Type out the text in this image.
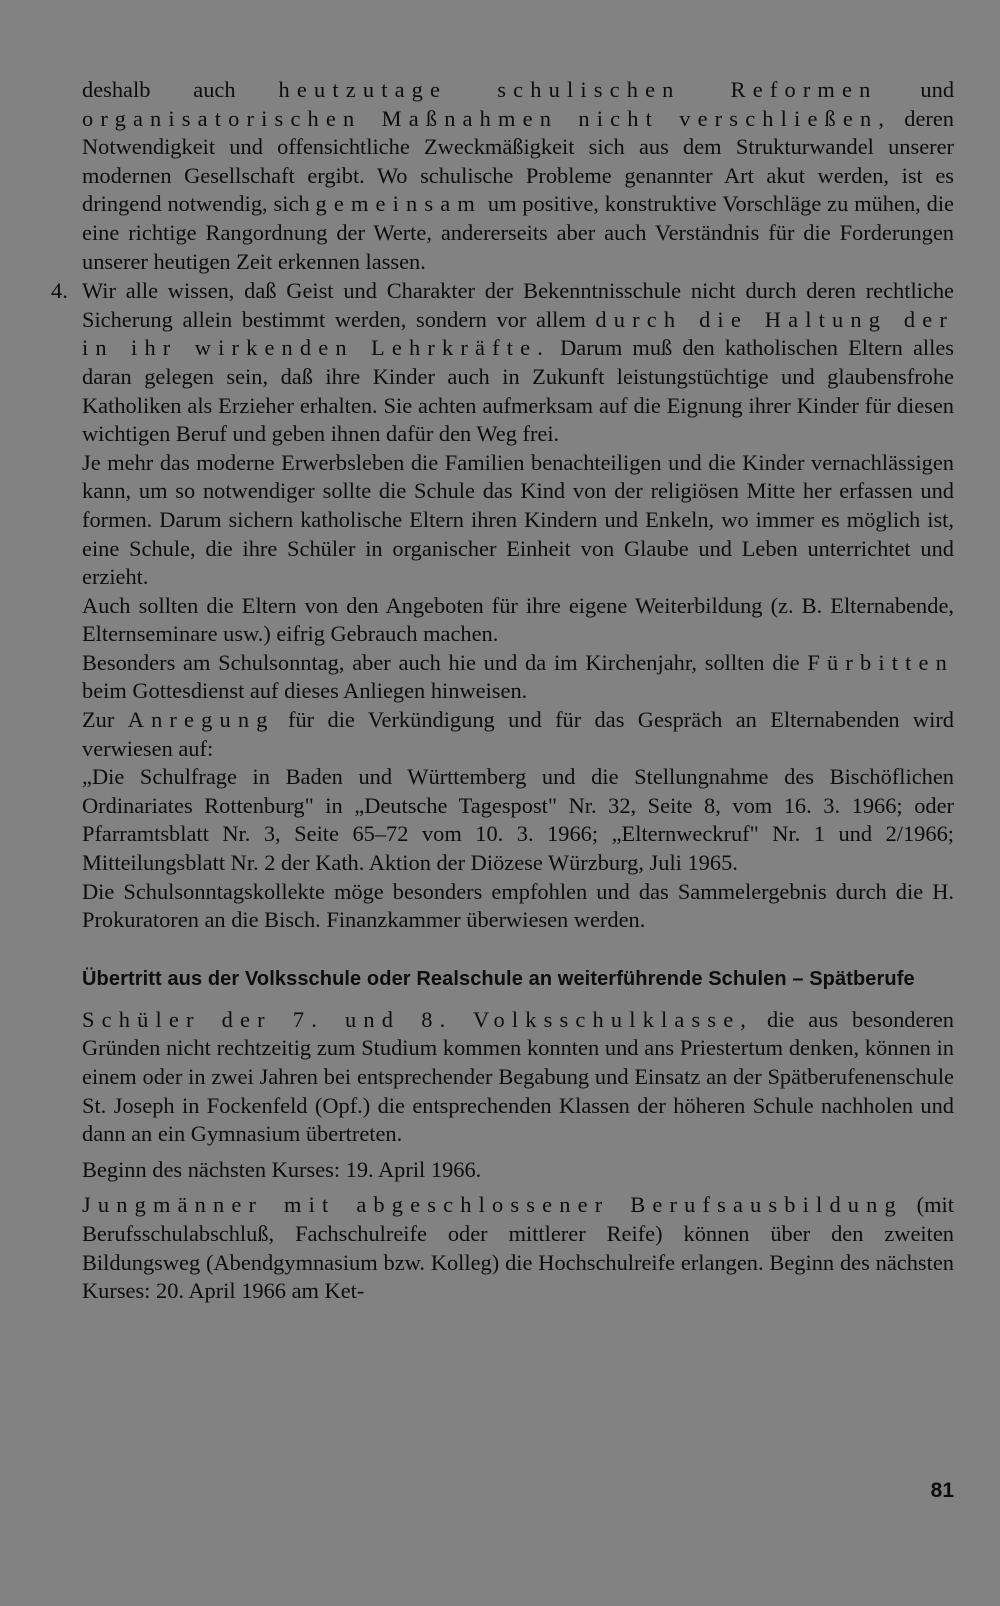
deshalb auch heutzutage schulischen Reformen und organisatorischen Maßnahmen nicht verschließen, deren Notwendigkeit und offensichtliche Zweckmäßigkeit sich aus dem Strukturwandel unserer modernen Gesellschaft ergibt. Wo schulische Probleme genannter Art akut werden, ist es dringend notwendig, sich gemeinsam um positive, konstruktive Vorschläge zu mühen, die eine richtige Rangordnung der Werte, andererseits aber auch Verständnis für die Forderungen unserer heutigen Zeit erkennen lassen.

4. Wir alle wissen, daß Geist und Charakter der Bekenntnisschule nicht durch deren rechtliche Sicherung allein bestimmt werden, sondern vor allem durch die Haltung der in ihr wirkenden Lehrkräfte. Darum muß den katholischen Eltern alles daran gelegen sein, daß ihre Kinder auch in Zukunft leistungstüchtige und glaubensfrohe Katholiken als Erzieher erhalten. Sie achten aufmerksam auf die Eignung ihrer Kinder für diesen wichtigen Beruf und geben ihnen dafür den Weg frei.

Je mehr das moderne Erwerbsleben die Familien benachteiligen und die Kinder vernachlässigen kann, um so notwendiger sollte die Schule das Kind von der religiösen Mitte her erfassen und formen. Darum sichern katholische Eltern ihren Kindern und Enkeln, wo immer es möglich ist, eine Schule, die ihre Schüler in organischer Einheit von Glaube und Leben unterrichtet und erzieht.

Auch sollten die Eltern von den Angeboten für ihre eigene Weiterbildung (z. B. Elternabende, Elternseminare usw.) eifrig Gebrauch machen.

Besonders am Schulsonntag, aber auch hie und da im Kirchenjahr, sollten die Fürbitten beim Gottesdienst auf dieses Anliegen hinweisen.

Zur Anregung für die Verkündigung und für das Gespräch an Elternabenden wird verwiesen auf:

„Die Schulfrage in Baden und Württemberg und die Stellungnahme des Bischöflichen Ordinariates Rottenburg" in „Deutsche Tagespost" Nr. 32, Seite 8, vom 16. 3. 1966; oder Pfarramtsblatt Nr. 3, Seite 65–72 vom 10. 3. 1966; „Elternweckruf" Nr. 1 und 2/1966; Mitteilungsblatt Nr. 2 der Kath. Aktion der Diözese Würzburg, Juli 1965.

Die Schulsonntagskollekte möge besonders empfohlen und das Sammelergebnis durch die H. Prokuratoren an die Bisch. Finanzkammer überwiesen werden.

Übertritt aus der Volksschule oder Realschule an weiterführende Schulen – Spätberufe

Schüler der 7. und 8. Volksschulklasse, die aus besonderen Gründen nicht rechtzeitig zum Studium kommen konnten und ans Priestertum denken, können in einem oder in zwei Jahren bei entsprechender Begabung und Einsatz an der Spätberufenenschule St. Joseph in Fockenfeld (Opf.) die entsprechenden Klassen der höheren Schule nachholen und dann an ein Gymnasium übertreten.

Beginn des nächsten Kurses: 19. April 1966.

Jungmänner mit abgeschlossener Berufsausbildung (mit Berufsschulabschluß, Fachschulreife oder mittlerer Reife) können über den zweiten Bildungsweg (Abendgymnasium bzw. Kolleg) die Hochschulreife erlangen. Beginn des nächsten Kurses: 20. April 1966 am Ket-

81
